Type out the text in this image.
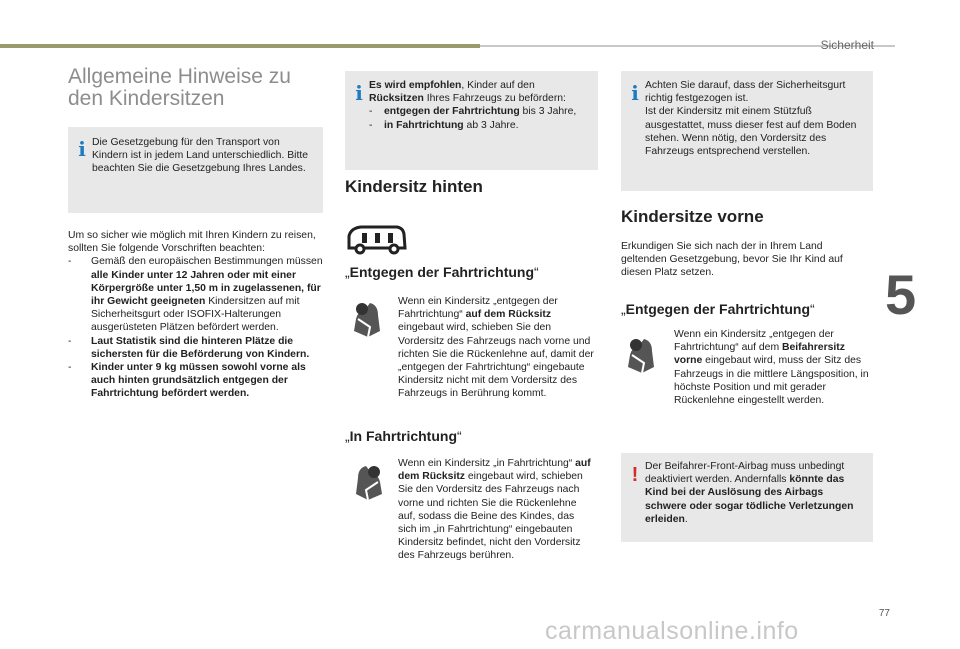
Sicherheit
5
Allgemeine Hinweise zu
den Kindersitzen
i Die Gesetzgebung für den Transport von Kindern ist in jedem Land unterschiedlich. Bitte beachten Sie die Gesetzgebung Ihres Landes.

Um so sicher wie möglich mit Ihren Kindern zu reisen, sollten Sie folgende Vorschriften beachten:

- Gemäß den europäischen Bestimmungen müssen alle Kinder unter 12 Jahren oder mit einer Körpergröße unter 1,50 m in zugelassenen, für ihr Gewicht geeigneten Kindersitzen auf mit Sicherheitsgurt oder ISOFIX-Halterungen ausgerüsteten Plätzen befördert werden.
- Laut Statistik sind die hinteren Plätze die sichersten für die Beförderung von Kindern.
- Kinder unter 9 kg müssen sowohl vorne als auch hinten grundsätzlich entgegen der Fahrtrichtung befördert werden.
i Es wird empfohlen, Kinder auf den Rücksitzen Ihres Fahrzeugs zu befördern:

- entgegen der Fahrtrichtung bis 3 Jahre,
- in Fahrtrichtung ab 3 Jahre.
Kindersitz hinten
„Entgegen der Fahrtrichtung“

Wenn ein Kindersitz „entgegen der Fahrtrichtung“ auf dem Rücksitz eingebaut wird, schieben Sie den Vordersitz des Fahrzeugs nach vorne und richten Sie die Rückenlehne auf, damit der „entgegen der Fahrtrichtung“ eingebaute Kindersitz nicht mit dem Vordersitz des Fahrzeugs in Berührung kommt.

„In Fahrtrichtung“

Wenn ein Kindersitz „in Fahrtrichtung“ auf dem Rücksitz eingebaut wird, schieben Sie den Vordersitz des Fahrzeugs nach vorne und richten Sie die Rückenlehne auf, sodass die Beine des Kindes, das sich im „in Fahrtrichtung“ eingebauten Kindersitz befindet, nicht den Vordersitz des Fahrzeugs berühren.

i Achten Sie darauf, dass der Sicherheitsgurt richtig festgezogen ist.
Ist der Kindersitz mit einem Stützfuß ausgestattet, muss dieser fest auf dem Boden stehen. Wenn nötig, den Vordersitz des Fahrzeugs entsprechend verstellen.
Kindersitze vorne
Erkundigen Sie sich nach der in Ihrem Land geltenden Gesetzgebung, bevor Sie Ihr Kind auf diesen Platz setzen.
„Entgegen der Fahrtrichtung“

Wenn ein Kindersitz „entgegen der Fahrtrichtung“ auf dem Beifahrersitz vorne eingebaut wird, muss der Sitz des Fahrzeugs in die mittlere Längsposition, in höchste Position und mit gerader Rückenlehne eingestellt werden.

! Der Beifahrer-Front-Airbag muss unbedingt deaktiviert werden. Andernfalls könnte das Kind bei der Auslösung des Airbags schwere oder sogar tödliche Verletzungen erleiden.
77
carmanualsonline.info
